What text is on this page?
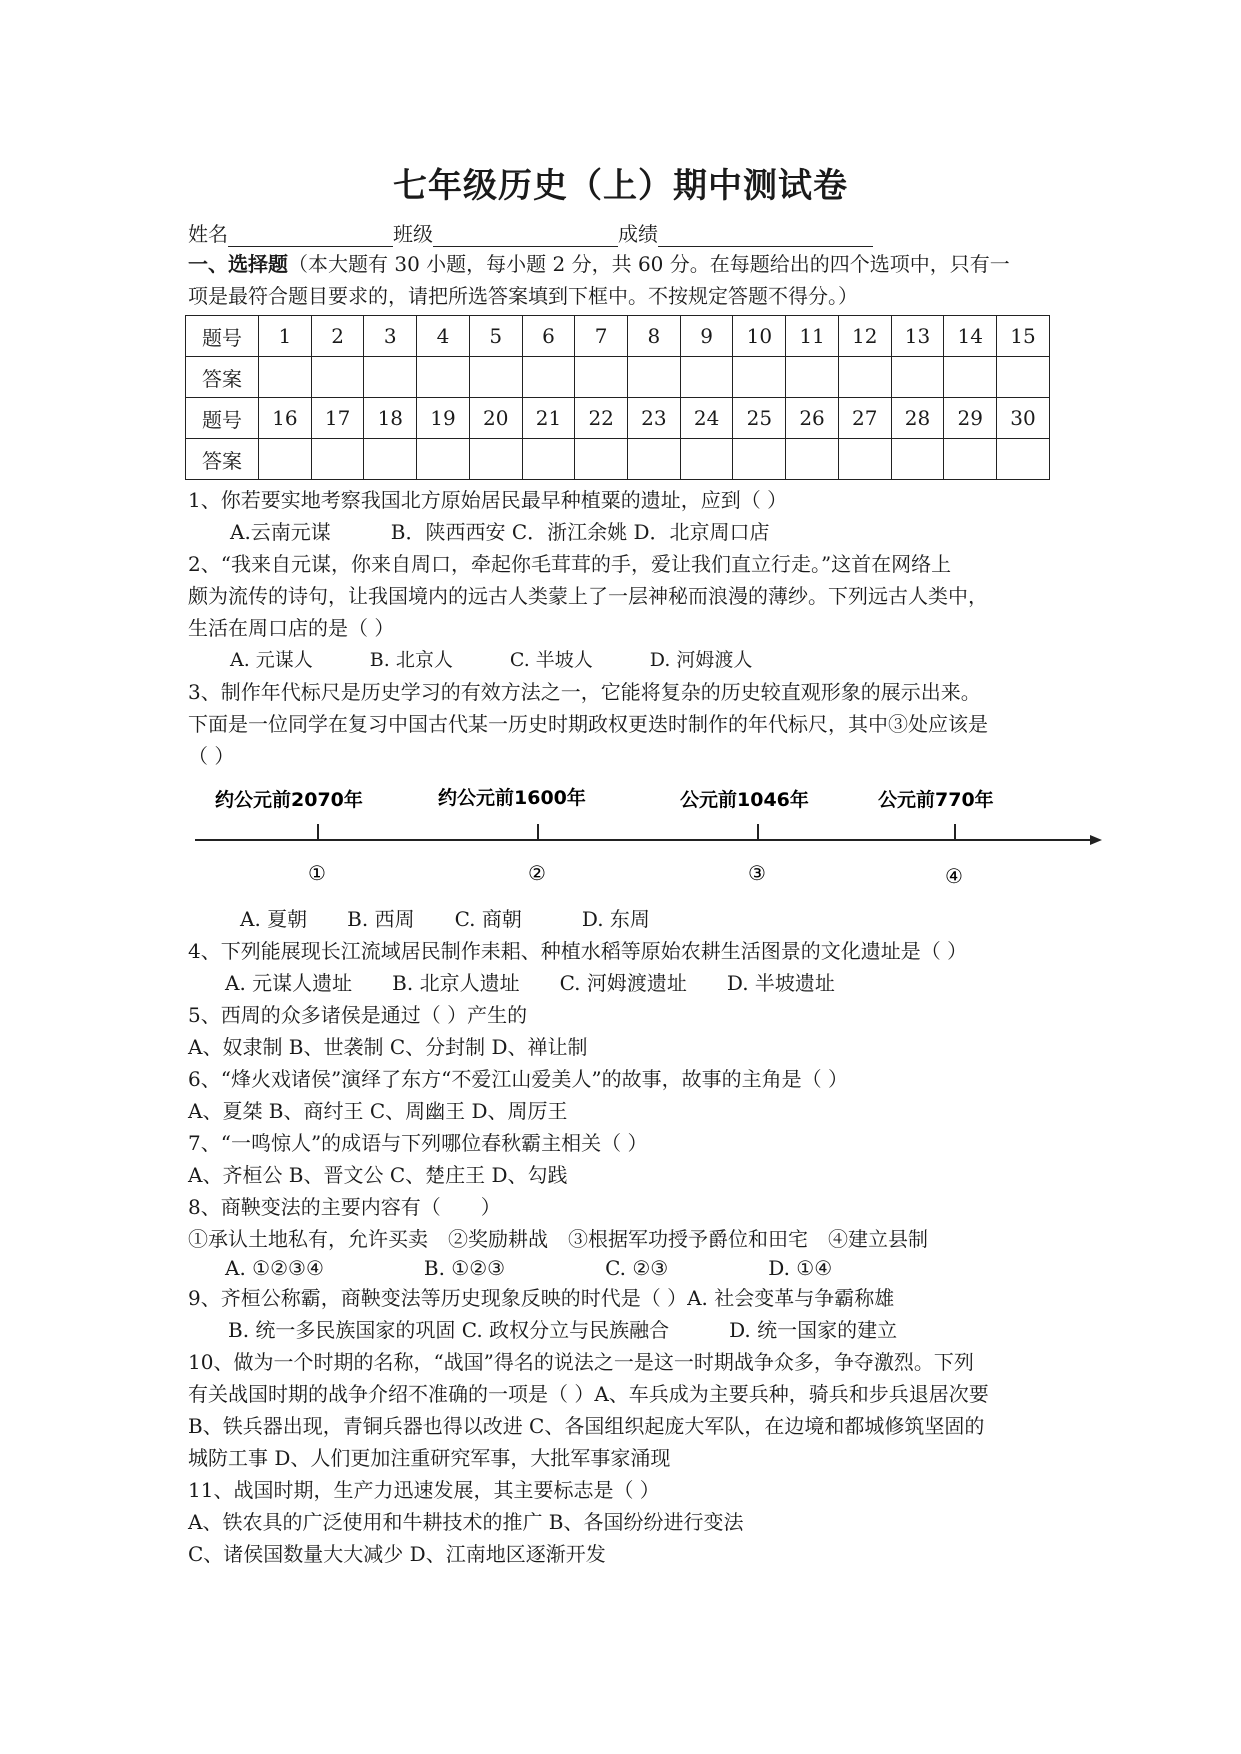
七年级历史（上）期中测试卷
姓名	班级	成绩
一、选择题（本大题有 30 小题，每小题 2 分，共 60 分。在每题给出的四个选项中，只有一
项是最符合题目要求的，请把所选答案填到下框中。不按规定答题不得分。）
题号	1	2	3	4	5	6	7	8	9	10	11	12	13	14	15
答案															
题号	16	17	18	19	20	21	22	23	24	25	26	27	28	29	30
答案															
1、你若要实地考察我国北方原始居民最早种植粟的遗址，应到（ ）
A.云南元谋　　　B．陕西西安 C．浙江余姚 D．北京周口店
2、“我来自元谋，你来自周口，牵起你毛茸茸的手，爱让我们直立行走。”这首在网络上
颇为流传的诗句，让我国境内的远古人类蒙上了一层神秘而浪漫的薄纱。下列远古人类中，
生活在周口店的是（ ）
A. 元谋人　　　B. 北京人　　　C. 半坡人　　　D. 河姆渡人
3、制作年代标尺是历史学习的有效方法之一，它能将复杂的历史较直观形象的展示出来。
下面是一位同学在复习中国古代某一历史时期政权更迭时制作的年代标尺，其中③处应该是
（ ）
约公元前2070年	约公元前1600年	公元前1046年	公元前770年
①	②	③	④
A. 夏朝　　B. 西周　　C. 商朝　　　D. 东周
4、下列能展现长江流域居民制作耒耜、种植水稻等原始农耕生活图景的文化遗址是（ ）
A. 元谋人遗址　　B. 北京人遗址　　C. 河姆渡遗址　　D. 半坡遗址
5、西周的众多诸侯是通过（ ）产生的
A、奴隶制 B、世袭制 C、分封制 D、禅让制
6、“烽火戏诸侯”演绎了东方“不爱江山爱美人”的故事，故事的主角是（ ）
A、夏桀 B、商纣王 C、周幽王 D、周厉王
7、“一鸣惊人”的成语与下列哪位春秋霸主相关（ ）
A、齐桓公 B、晋文公 C、楚庄王 D、勾践
8、商鞅变法的主要内容有（　　）
①承认土地私有，允许买卖　②奖励耕战　③根据军功授予爵位和田宅　④建立县制
A. ①②③④　　　　　B. ①②③　　　　　C. ②③　　　　　D. ①④
9、齐桓公称霸，商鞅变法等历史现象反映的时代是（ ）A. 社会变革与争霸称雄
B. 统一多民族国家的巩固 C. 政权分立与民族融合　　　D. 统一国家的建立
10、做为一个时期的名称，“战国”得名的说法之一是这一时期战争众多，争夺激烈。下列
有关战国时期的战争介绍不准确的一项是（ ）A、车兵成为主要兵种，骑兵和步兵退居次要
B、铁兵器出现，青铜兵器也得以改进 C、各国组织起庞大军队，在边境和都城修筑坚固的
城防工事 D、人们更加注重研究军事，大批军事家涌现
11、战国时期，生产力迅速发展，其主要标志是（ ）
A、铁农具的广泛使用和牛耕技术的推广 B、各国纷纷进行变法
C、诸侯国数量大大减少 D、江南地区逐渐开发
